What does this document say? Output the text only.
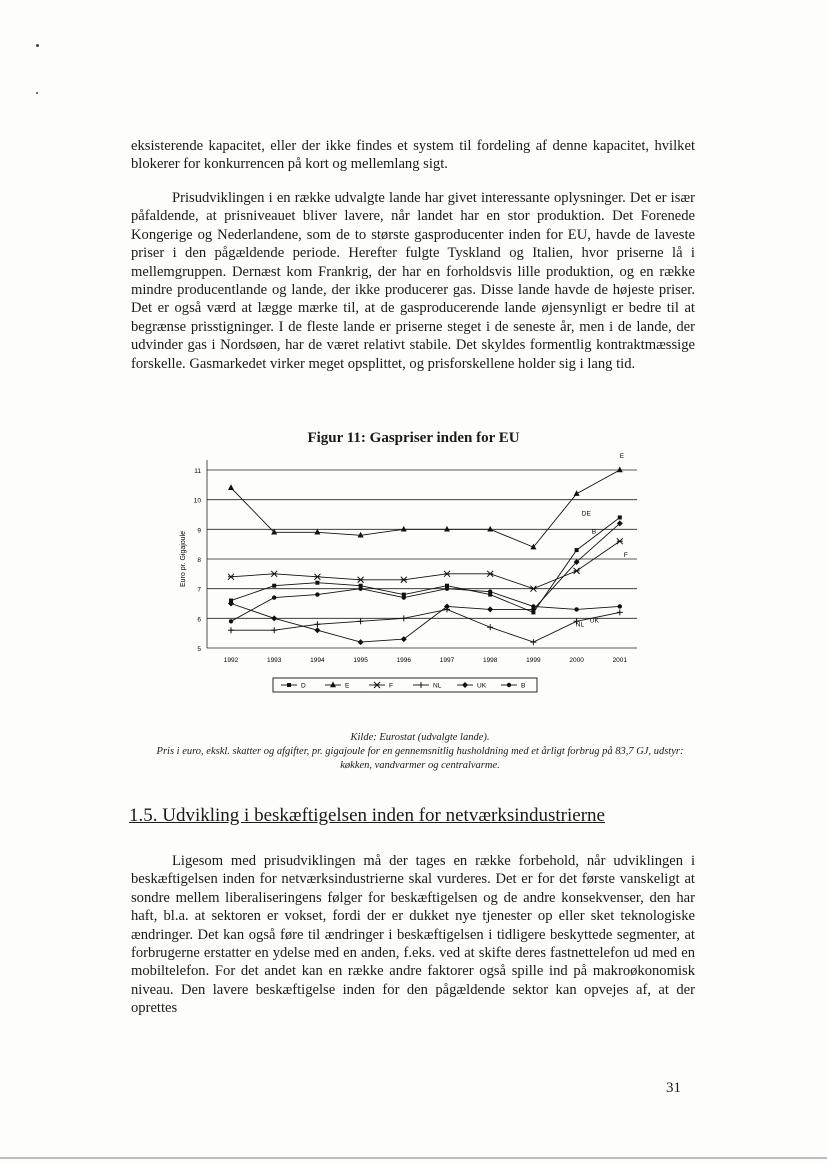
eksisterende kapacitet, eller der ikke findes et system til fordeling af denne kapacitet, hvilket blokerer for konkurrencen på kort og mellemlang sigt.

Prisudviklingen i en række udvalgte lande har givet interessante oplysninger. Det er især påfaldende, at prisniveauet bliver lavere, når landet har en stor produktion. Det Forenede Kongerige og Nederlandene, som de to største gasproducenter inden for EU, havde de laveste priser i den pågældende periode. Herefter fulgte Tyskland og Italien, hvor priserne lå i mellemgruppen. Dernæst kom Frankrig, der har en forholdsvis lille produktion, og en række mindre producentlande og lande, der ikke producerer gas. Disse lande havde de højeste priser. Det er også værd at lægge mærke til, at de gasproducerende lande øjensynligt er bedre til at begrænse prisstigninger. I de fleste lande er priserne steget i de seneste år, men i de lande, der udvinder gas i Nordsøen, har de været relativt stabile. Det skyldes formentlig kontraktmæssige forskelle. Gasmarkedet virker meget opsplittet, og prisforskellene holder sig i lang tid.

Figur 11: Gaspriser inden for EU
5
6
7
8
9
10
11
Euro pr. Gigajoule
1992	1993	1994	1995	1996	1997	1998	1999	2000	2001
E
DE
B
F
UK
NL
D	E	F	NL	UK	B

Kilde: Eurostat (udvalgte lande).

Pris i euro, ekskl. skatter og afgifter, pr. gigajoule for en gennemsnitlig husholdning med et årligt forbrug på 83,7 GJ, udstyr: køkken, vandvarmer og centralvarme.

1.5. Udvikling i beskæftigelsen inden for netværksindustrierne

Ligesom med prisudviklingen må der tages en række forbehold, når udviklingen i beskæftigelsen inden for netværksindustrierne skal vurderes. Det er for det første vanskeligt at sondre mellem liberaliseringens følger for beskæftigelsen og de andre konsekvenser, den har haft, bl.a. at sektoren er vokset, fordi der er dukket nye tjenester op eller sket teknologiske ændringer. Det kan også føre til ændringer i beskæftigelsen i tidligere beskyttede segmenter, at forbrugerne erstatter en ydelse med en anden, f.eks. ved at skifte deres fastnettelefon ud med en mobiltelefon. For det andet kan en række andre faktorer også spille ind på makroøkonomisk niveau. Den lavere beskæftigelse inden for den pågældende sektor kan opvejes af, at der oprettes

31
